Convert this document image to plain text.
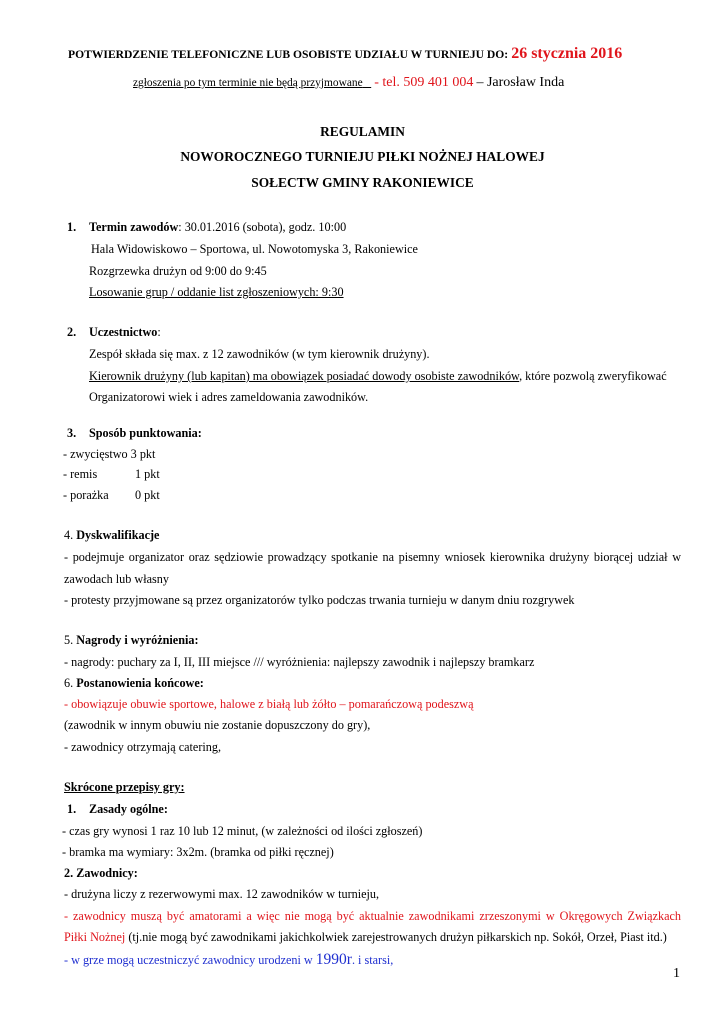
POTWIERDZENIE TELEFONICZNE LUB OSOBISTE UDZIAŁU W TURNIEJU DO: 26 stycznia 2016
zgłoszenia po tym terminie nie będą przyjmowane - tel. 509 401 004 – Jarosław Inda
REGULAMIN
NOWOROCZNEGO TURNIEJU PIŁKI NOŻNEJ HALOWEJ
SOŁECTW GMINY RAKONIEWICE
1. Termin zawodów: 30.01.2016 (sobota), godz. 10:00
Hala Widowiskowo – Sportowa, ul. Nowotomyska 3, Rakoniewice
Rozgrzewka drużyn od 9:00 do 9:45
Losowanie grup / oddanie list zgłoszeniowych: 9:30
2. Uczestnictwo:
Zespół składa się max. z 12 zawodników (w tym kierownik drużyny).
Kierownik drużyny (lub kapitan) ma obowiązek posiadać dowody osobiste zawodników, które pozwolą zweryfikować
Organizatorowi wiek i adres zameldowania zawodników.
3. Sposób punktowania:
- zwycięstwo 3 pkt
- remis	1 pkt
- porażka 0 pkt
4. Dyskwalifikacje
- podejmuje organizator oraz sędziowie prowadzący spotkanie na pisemny wniosek kierownika drużyny biorącej udział w
zawodach lub własny
- protesty przyjmowane są przez organizatorów tylko podczas trwania turnieju w danym dniu rozgrywek
5. Nagrody i wyróżnienia:
- nagrody: puchary za I, II, III miejsce /// wyróżnienia: najlepszy zawodnik i najlepszy bramkarz
6. Postanowienia końcowe:
- obowiązuje obuwie sportowe, halowe z białą lub żółto – pomarańczową podeszwą
(zawodnik w innym obuwiu nie zostanie dopuszczony do gry),
- zawodnicy otrzymają catering,
Skrócone przepisy gry:
1. Zasady ogólne:
- czas gry wynosi 1 raz 10 lub 12 minut, (w zależności od ilości zgłoszeń)
- bramka ma wymiary: 3x2m. (bramka od piłki ręcznej)
2. Zawodnicy:
- drużyna liczy z rezerwowymi max. 12 zawodników w turnieju,
- zawodnicy muszą być amatorami a więc nie mogą być aktualnie zawodnikami zrzeszonymi w Okręgowych Związkach
Piłki Nożnej (tj.nie mogą być zawodnikami jakichkolwiek zarejestrowanych drużyn piłkarskich np. Sokół, Orzeł, Piast itd.)
- w grze mogą uczestniczyć zawodnicy urodzeni w 1990r. i starsi,
1
